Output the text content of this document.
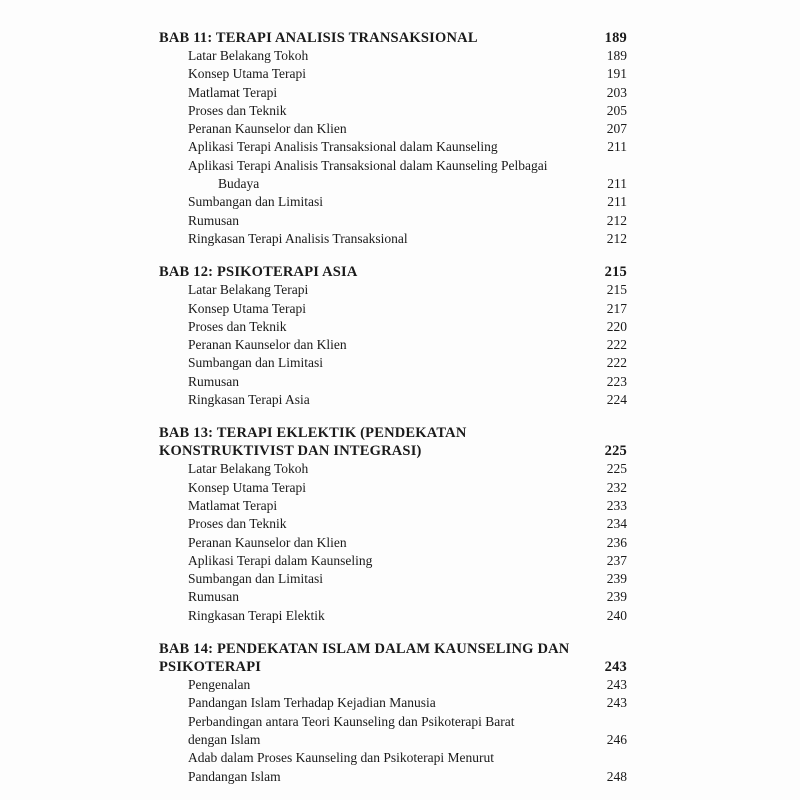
BAB 11: TERAPI ANALISIS TRANSAKSIONAL	189
Latar Belakang Tokoh	189
Konsep Utama Terapi	191
Matlamat Terapi	203
Proses dan Teknik	205
Peranan Kaunselor dan Klien	207
Aplikasi Terapi Analisis Transaksional dalam Kaunseling	211
Aplikasi Terapi Analisis Transaksional dalam Kaunseling Pelbagai
Budaya	211
Sumbangan dan Limitasi	211
Rumusan	212
Ringkasan Terapi Analisis Transaksional	212
BAB 12: PSIKOTERAPI ASIA	215
Latar Belakang Terapi	215
Konsep Utama Terapi	217
Proses dan Teknik	220
Peranan Kaunselor dan Klien	222
Sumbangan dan Limitasi	222
Rumusan	223
Ringkasan Terapi Asia	224
BAB 13: TERAPI EKLEKTIK (PENDEKATAN
KONSTRUKTIVIST DAN INTEGRASI)	225
Latar Belakang Tokoh	225
Konsep Utama Terapi	232
Matlamat Terapi	233
Proses dan Teknik	234
Peranan Kaunselor dan Klien	236
Aplikasi Terapi dalam Kaunseling	237
Sumbangan dan Limitasi	239
Rumusan	239
Ringkasan Terapi Elektik	240
BAB 14: PENDEKATAN ISLAM DALAM KAUNSELING DAN
PSIKOTERAPI	243
Pengenalan	243
Pandangan Islam Terhadap Kejadian Manusia	243
Perbandingan antara Teori Kaunseling dan Psikoterapi Barat
dengan Islam	246
Adab dalam Proses Kaunseling dan Psikoterapi Menurut
Pandangan Islam	248
